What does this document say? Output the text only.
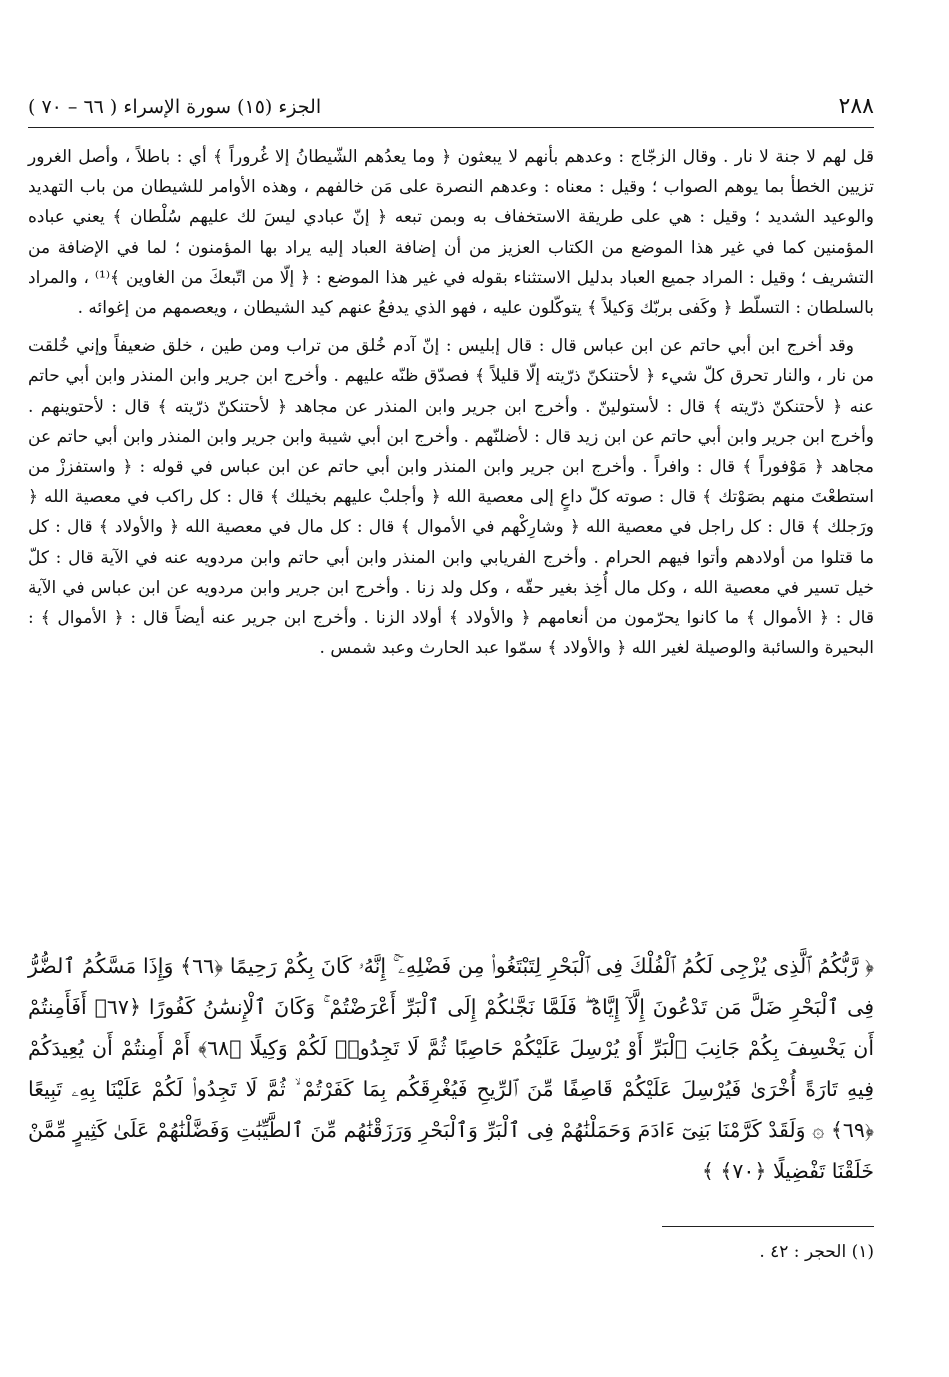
٢٨٨
الجزء (١٥) سورة الإسراء ( ٦٦ – ٧٠ )

قل لهم لا جنة لا نار . وقال الزجّاج : وعدهم بأنهم لا يبعثون ﴿ وما يعدُهم الشّيطانُ إلا غُروراً ﴾ أي : باطلاً ، وأصل الغرور تزيين الخطأ بما يوهم الصواب ؛ وقيل : معناه : وعدهم النصرة على مَن خالفهم ، وهذه الأوامر للشيطان من باب التهديد والوعيد الشديد ؛ وقيل : هي على طريقة الاستخفاف به وبمن تبعه ﴿ إنّ عبادي ليسَ لك عليهم سُلْطان ﴾ يعني عباده المؤمنين كما في غير هذا الموضع من الكتاب العزيز من أن إضافة العباد إليه يراد بها المؤمنون ؛ لما في الإضافة من التشريف ؛ وقيل : المراد جميع العباد بدليل الاستثناء بقوله في غير هذا الموضع : ﴿ إلّا من اتّبعكَ من الغاوين ﴾⁽¹⁾ ، والمراد بالسلطان : التسلّط ﴿ وكَفى بربّك وَكيلاً ﴾ يتوكّلون عليه ، فهو الذي يدفعُ عنهم كيد الشيطان ، ويعصمهم من إغوائه .

وقد أخرج ابن أبي حاتم عن ابن عباس قال : قال إبليس : إنّ آدم خُلق من تراب ومن طين ، خلق ضعيفاً وإني خُلقت من نار ، والنار تحرق كلّ شيء ﴿ لأحتنكنّ ذرّيته إلّا قليلاً ﴾ فصدّق ظنّه عليهم . وأخرج ابن جرير وابن المنذر وابن أبي حاتم عنه ﴿ لأحتنكنّ ذرّيته ﴾ قال : لأستولينّ . وأخرج ابن جرير وابن المنذر عن مجاهد ﴿ لأحتنكنّ ذرّيته ﴾ قال : لأحتوينهم . وأخرج ابن جرير وابن أبي حاتم عن ابن زيد قال : لأضلنّهم . وأخرج ابن أبي شيبة وابن جرير وابن المنذر وابن أبي حاتم عن مجاهد ﴿ مَوْفوراً ﴾ قال : وافراً . وأخرج ابن جرير وابن المنذر وابن أبي حاتم عن ابن عباس في قوله : ﴿ واستفززْ من استطعْتَ منهم بصَوْتك ﴾ قال : صوته كلّ داعٍ إلى معصية الله ﴿ وأجلبْ عليهم بخيلك ﴾ قال : كل راكب في معصية الله ﴿ ورَجلك ﴾ قال : كل راجل في معصية الله ﴿ وشارِكْهم في الأموال ﴾ قال : كل مال في معصية الله ﴿ والأولاد ﴾ قال : كل ما قتلوا من أولادهم وأتوا فيهم الحرام . وأخرج الفريابي وابن المنذر وابن أبي حاتم وابن مردويه عنه في الآية قال : كلّ خيل تسير في معصية الله ، وكل مال أُخِذ بغير حقّه ، وكل ولد زنا . وأخرج ابن جرير وابن مردويه عن ابن عباس في الآية قال : ﴿ الأموال ﴾ ما كانوا يحرّمون من أنعامهم ﴿ والأولاد ﴾ أولاد الزنا . وأخرج ابن جرير عنه أيضاً قال : ﴿ الأموال ﴾ : البحيرة والسائبة والوصيلة لغير الله ﴿ والأولاد ﴾ سمّوا عبد الحارث وعبد شمس .

﴿ رَّبُّكُمُ ٱلَّذِى يُزْجِى لَكُمُ ٱلْفُلْكَ فِى ٱلْبَحْرِ لِتَبْتَغُوا۟ مِن فَضْلِهِۦٓ ۚ إِنَّهُۥ كَانَ بِكُمْ رَحِيمًا ﴿٦٦﴾ وَإِذَا مَسَّكُمُ ٱلضُّرُّ فِى ٱلْبَحْرِ ضَلَّ مَن تَدْعُونَ إِلَّآ إِيَّاهُ ۖ فَلَمَّا نَجَّىٰكُمْ إِلَى ٱلْبَرِّ أَعْرَضْتُمْ ۚ وَكَانَ ٱلْإِنسَٰنُ كَفُورًا ﴿٦٧﴾ أَفَأَمِنتُمْ أَن يَخْسِفَ بِكُمْ جَانِبَ ٱلْبَرِّ أَوْ يُرْسِلَ عَلَيْكُمْ حَاصِبًا ثُمَّ لَا تَجِدُوا۟ لَكُمْ وَكِيلًا ﴿٦٨﴾ أَمْ أَمِنتُمْ أَن يُعِيدَكُمْ فِيهِ تَارَةً أُخْرَىٰ فَيُرْسِلَ عَلَيْكُمْ قَاصِفًا مِّنَ ٱلرِّيحِ فَيُغْرِقَكُم بِمَا كَفَرْتُمْ ۙ ثُمَّ لَا تَجِدُوا۟ لَكُمْ عَلَيْنَا بِهِۦ تَبِيعًا ﴿٦٩﴾ ۞ وَلَقَدْ كَرَّمْنَا بَنِىٓ ءَادَمَ وَحَمَلْنَٰهُمْ فِى ٱلْبَرِّ وَٱلْبَحْرِ وَرَزَقْنَٰهُم مِّنَ ٱلطَّيِّبَٰتِ وَفَضَّلْنَٰهُمْ عَلَىٰ كَثِيرٍ مِّمَّنْ خَلَقْنَا تَفْضِيلًا ﴿٧٠﴾ ﴾
(١) الحجر : ٤٢ .
